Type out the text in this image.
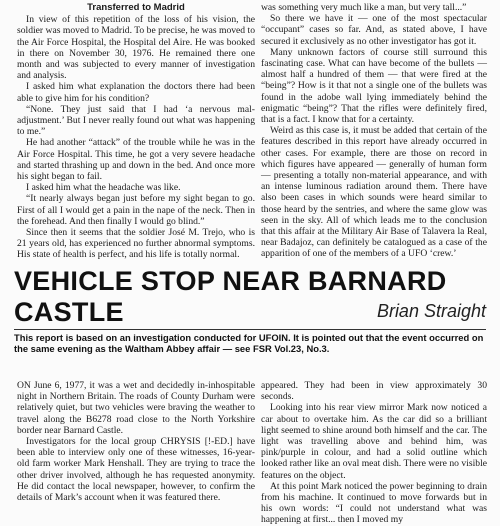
Transferred to Madrid

In view of this repetition of the loss of his vision, the soldier was moved to Madrid. To be precise, he was moved to the Air Force Hospital, the Hospital del Aire. He was booked in there on November 30, 1976. He remained there one month and was subjected to every manner of investigation and analysis.

I asked him what explanation the doctors there had been able to give him for his condition?

“None. They just said that I had ‘a nervous mal-adjustment.’ But I never really found out what was happening to me.”

He had another “attack” of the trouble while he was in the Air Force Hospital. This time, he got a very severe headache and started thrashing up and down in the bed. And once more his sight began to fail.

I asked him what the headache was like.

“It nearly always began just before my sight began to go. First of all I would get a pain in the nape of the neck. Then in the forehead. And then finally I would go blind.”

Since then it seems that the soldier José M. Trejo, who is 21 years old, has experienced no further abnormal symptoms. His state of health is perfect, and his life is totally normal.

was something very much like a man, but very tall...”

So there we have it — one of the most spectacular “occupant” cases so far. And, as stated above, I have secured it exclusively as no other investigator has got it.

Many unknown factors of course still surround this fascinating case. What can have become of the bullets — almost half a hundred of them — that were fired at the “being”? How is it that not a single one of the bullets was found in the adobe wall lying immediately behind the enigmatic “being”? That the rifles were definitely fired, that is a fact. I know that for a certainty.

Weird as this case is, it must be added that certain of the features described in this report have already occurred in other cases. For example, there are those on record in which figures have appeared — generally of human form — presenting a totally non-material appearance, and with an intense luminous radiation around them. There have also been cases in which sounds were heard similar to those heard by the sentries, and where the same glow was seen in the sky. All of which leads me to the conclusion that this affair at the Military Air Base of Talavera la Real, near Badajoz, can definitely be catalogued as a case of the apparition of one of the members of a UFO ‘crew.’

VEHICLE STOP NEAR BARNARD
CASTLE	Brian Straight
This report is based on an investigation conducted for UFOIN. It is pointed out that the event occurred on the same evening as the Waltham Abbey affair — see FSR Vol.23, No.3.

ON June 6, 1977, it was a wet and decidedly in-inhospitable night in Northern Britain. The roads of County Durham were relatively quiet, but two vehicles were braving the weather to travel along the B6278 road close to the North Yorkshire border near Barnard Castle.

Investigators for the local group CHRYSIS [!-ED.] have been able to interview only one of these witnesses, 16-year-old farm worker Mark Henshall. They are trying to trace the other driver involved, although he has requested anonymity. He did contact the local newspaper, however, to confirm the details of Mark’s account when it was featured there.

appeared. They had been in view approximately 30 seconds.

Looking into his rear view mirror Mark now noticed a car about to overtake him. As the car did so a brilliant light seemed to shine around both himself and the car. The light was travelling above and behind him, was pink/purple in colour, and had a solid outline which looked rather like an oval meat dish. There were no visible features on the object.

At this point Mark noticed the power beginning to drain from his machine. It continued to move forwards but in his own words: “I could not understand what was happening at first... then I moved my
